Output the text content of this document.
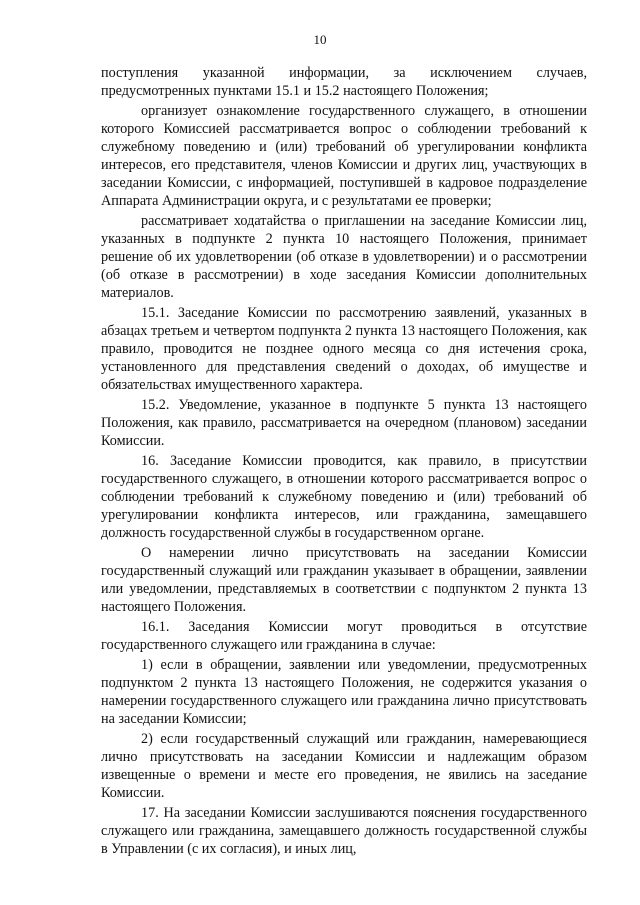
10

поступления указанной информации, за исключением случаев, предусмотренных пунктами 15.1 и 15.2 настоящего Положения;

организует ознакомление государственного служащего, в отношении которого Комиссией рассматривается вопрос о соблюдении требований к служебному поведению и (или) требований об урегулировании конфликта интересов, его представителя, членов Комиссии и других лиц, участвующих в заседании Комиссии, с информацией, поступившей в кадровое подразделение Аппарата Администрации округа, и с результатами ее проверки;

рассматривает ходатайства о приглашении на заседание Комиссии лиц, указанных в подпункте 2 пункта 10 настоящего Положения, принимает решение об их удовлетворении (об отказе в удовлетворении) и о рассмотрении (об отказе в рассмотрении) в ходе заседания Комиссии дополнительных материалов.

15.1. Заседание Комиссии по рассмотрению заявлений, указанных в абзацах третьем и четвертом подпункта 2 пункта 13 настоящего Положения, как правило, проводится не позднее одного месяца со дня истечения срока, установленного для представления сведений о доходах, об имуществе и обязательствах имущественного характера.

15.2. Уведомление, указанное в подпункте 5 пункта 13 настоящего Положения, как правило, рассматривается на очередном (плановом) заседании Комиссии.

16. Заседание Комиссии проводится, как правило, в присутствии государственного служащего, в отношении которого рассматривается вопрос о соблюдении требований к служебному поведению и (или) требований об урегулировании конфликта интересов, или гражданина, замещавшего должность государственной службы в государственном органе.

О намерении лично присутствовать на заседании Комиссии государственный служащий или гражданин указывает в обращении, заявлении или уведомлении, представляемых в соответствии с подпунктом 2 пункта 13 настоящего Положения.

16.1. Заседания Комиссии могут проводиться в отсутствие государственного служащего или гражданина в случае:

1) если в обращении, заявлении или уведомлении, предусмотренных подпунктом 2 пункта 13 настоящего Положения, не содержится указания о намерении государственного служащего или гражданина лично присутствовать на заседании Комиссии;

2) если государственный служащий или гражданин, намеревающиеся лично присутствовать на заседании Комиссии и надлежащим образом извещенные о времени и месте его проведения, не явились на заседание Комиссии.

17. На заседании Комиссии заслушиваются пояснения государственного служащего или гражданина, замещавшего должность государственной службы в Управлении (с их согласия), и иных лиц,
